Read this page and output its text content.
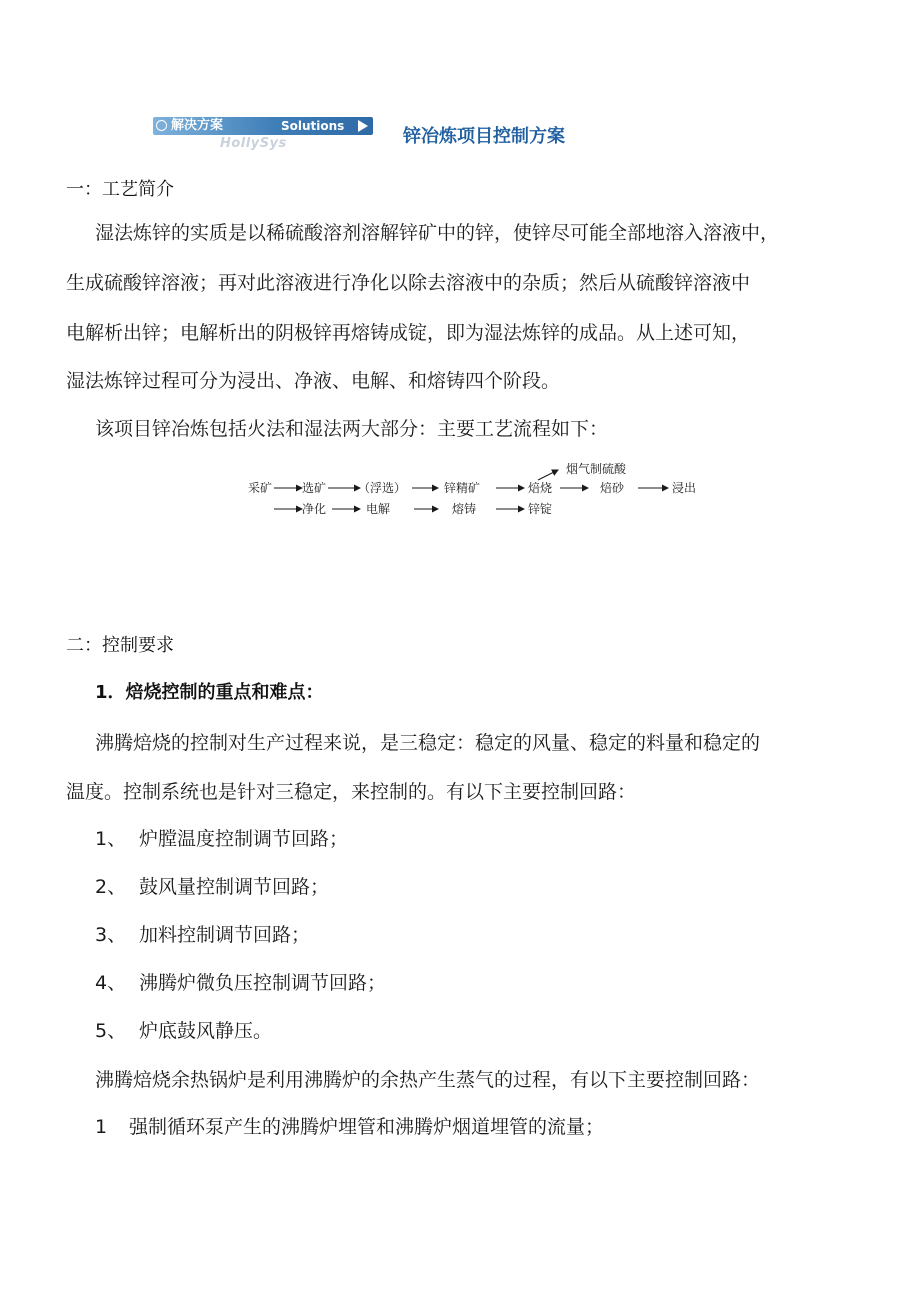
解决方案	Solutions
HollySys	锌冶炼项目控制方案
一：工艺简介
湿法炼锌的实质是以稀硫酸溶剂溶解锌矿中的锌，使锌尽可能全部地溶入溶液中，
生成硫酸锌溶液；再对此溶液进行净化以除去溶液中的杂质；然后从硫酸锌溶液中
电解析出锌；电解析出的阴极锌再熔铸成锭，即为湿法炼锌的成品。从上述可知，
湿法炼锌过程可分为浸出、净液、电解、和熔铸四个阶段。
该项目锌冶炼包括火法和湿法两大部分：主要工艺流程如下：
采矿 选矿	（浮选）	锌精矿	焙烧	焙砂	浸出
烟气制硫酸
净化	电解	熔铸	锌锭
二：控制要求
1．焙烧控制的重点和难点：
沸腾焙烧的控制对生产过程来说，是三稳定：稳定的风量、稳定的料量和稳定的
温度。控制系统也是针对三稳定，来控制的。有以下主要控制回路：
1、 炉膛温度控制调节回路；
2、 鼓风量控制调节回路；
3、 加料控制调节回路；
4、 沸腾炉微负压控制调节回路；
5、 炉底鼓风静压。
沸腾焙烧余热锅炉是利用沸腾炉的余热产生蒸气的过程，有以下主要控制回路：
1 强制循环泵产生的沸腾炉埋管和沸腾炉烟道埋管的流量；
